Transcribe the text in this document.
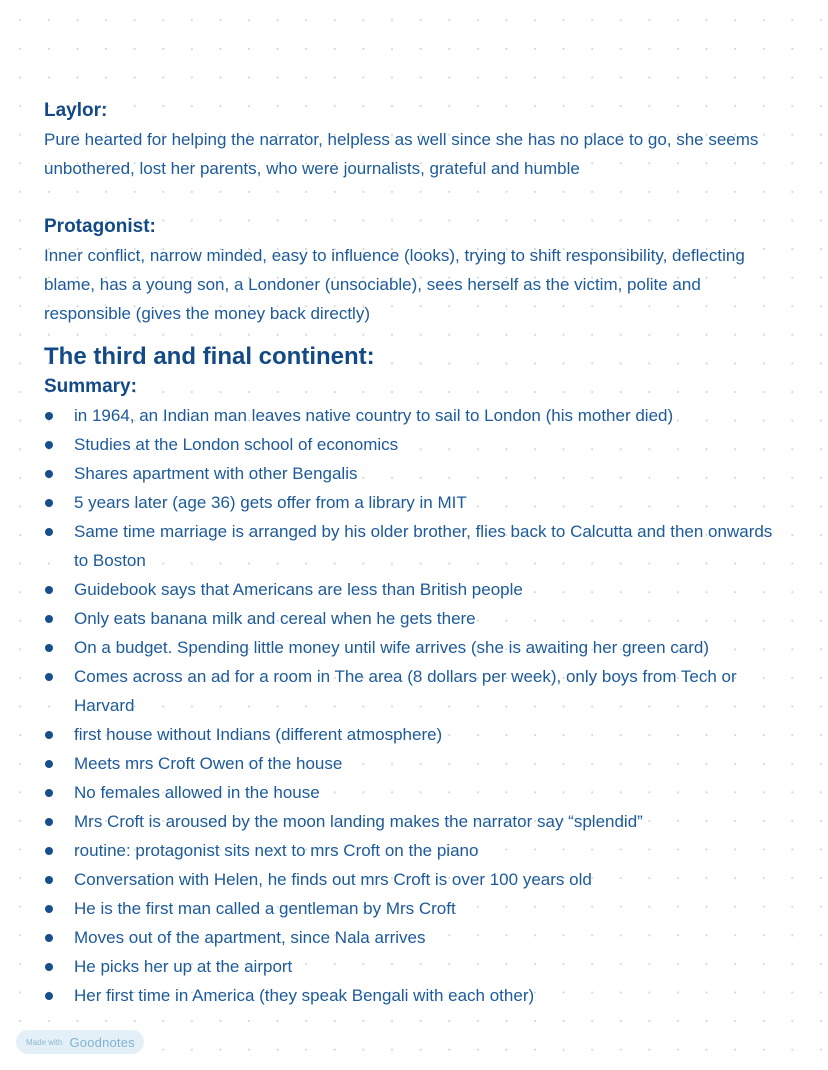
Laylor:
Pure hearted for helping the narrator, helpless as well since she has no place to go, she seems unbothered, lost her parents, who were journalists, grateful and humble
Protagonist:
Inner conflict, narrow minded, easy to influence (looks), trying to shift responsibility, deflecting blame, has a young son, a Londoner (unsociable), sees herself as the victim, polite and responsible (gives the money back directly)
The third and final continent:
Summary:
in 1964, an Indian man leaves native country to sail to London (his mother died)
Studies at the London school of economics
Shares apartment with other Bengalis
5 years later (age 36) gets offer from a library in MIT
Same time marriage is arranged by his older brother, flies back to Calcutta and then onwards to Boston
Guidebook says that Americans are less than British people
Only eats banana milk and cereal when he gets there
On a budget. Spending little money until wife arrives (she is awaiting her green card)
Comes across an ad for a room in The area (8 dollars per week), only boys from Tech or Harvard
first house without Indians (different atmosphere)
Meets mrs Croft Owen of the house
No females allowed in the house
Mrs Croft is aroused by the moon landing makes the narrator say “splendid”
routine: protagonist sits next to mrs Croft on the piano
Conversation with Helen, he finds out mrs Croft is over 100 years old
He is the first man called a gentleman by Mrs Croft
Moves out of the apartment, since Nala arrives
He picks her up at the airport
Her first time in America (they speak Bengali with each other)
Made with Goodnotes
